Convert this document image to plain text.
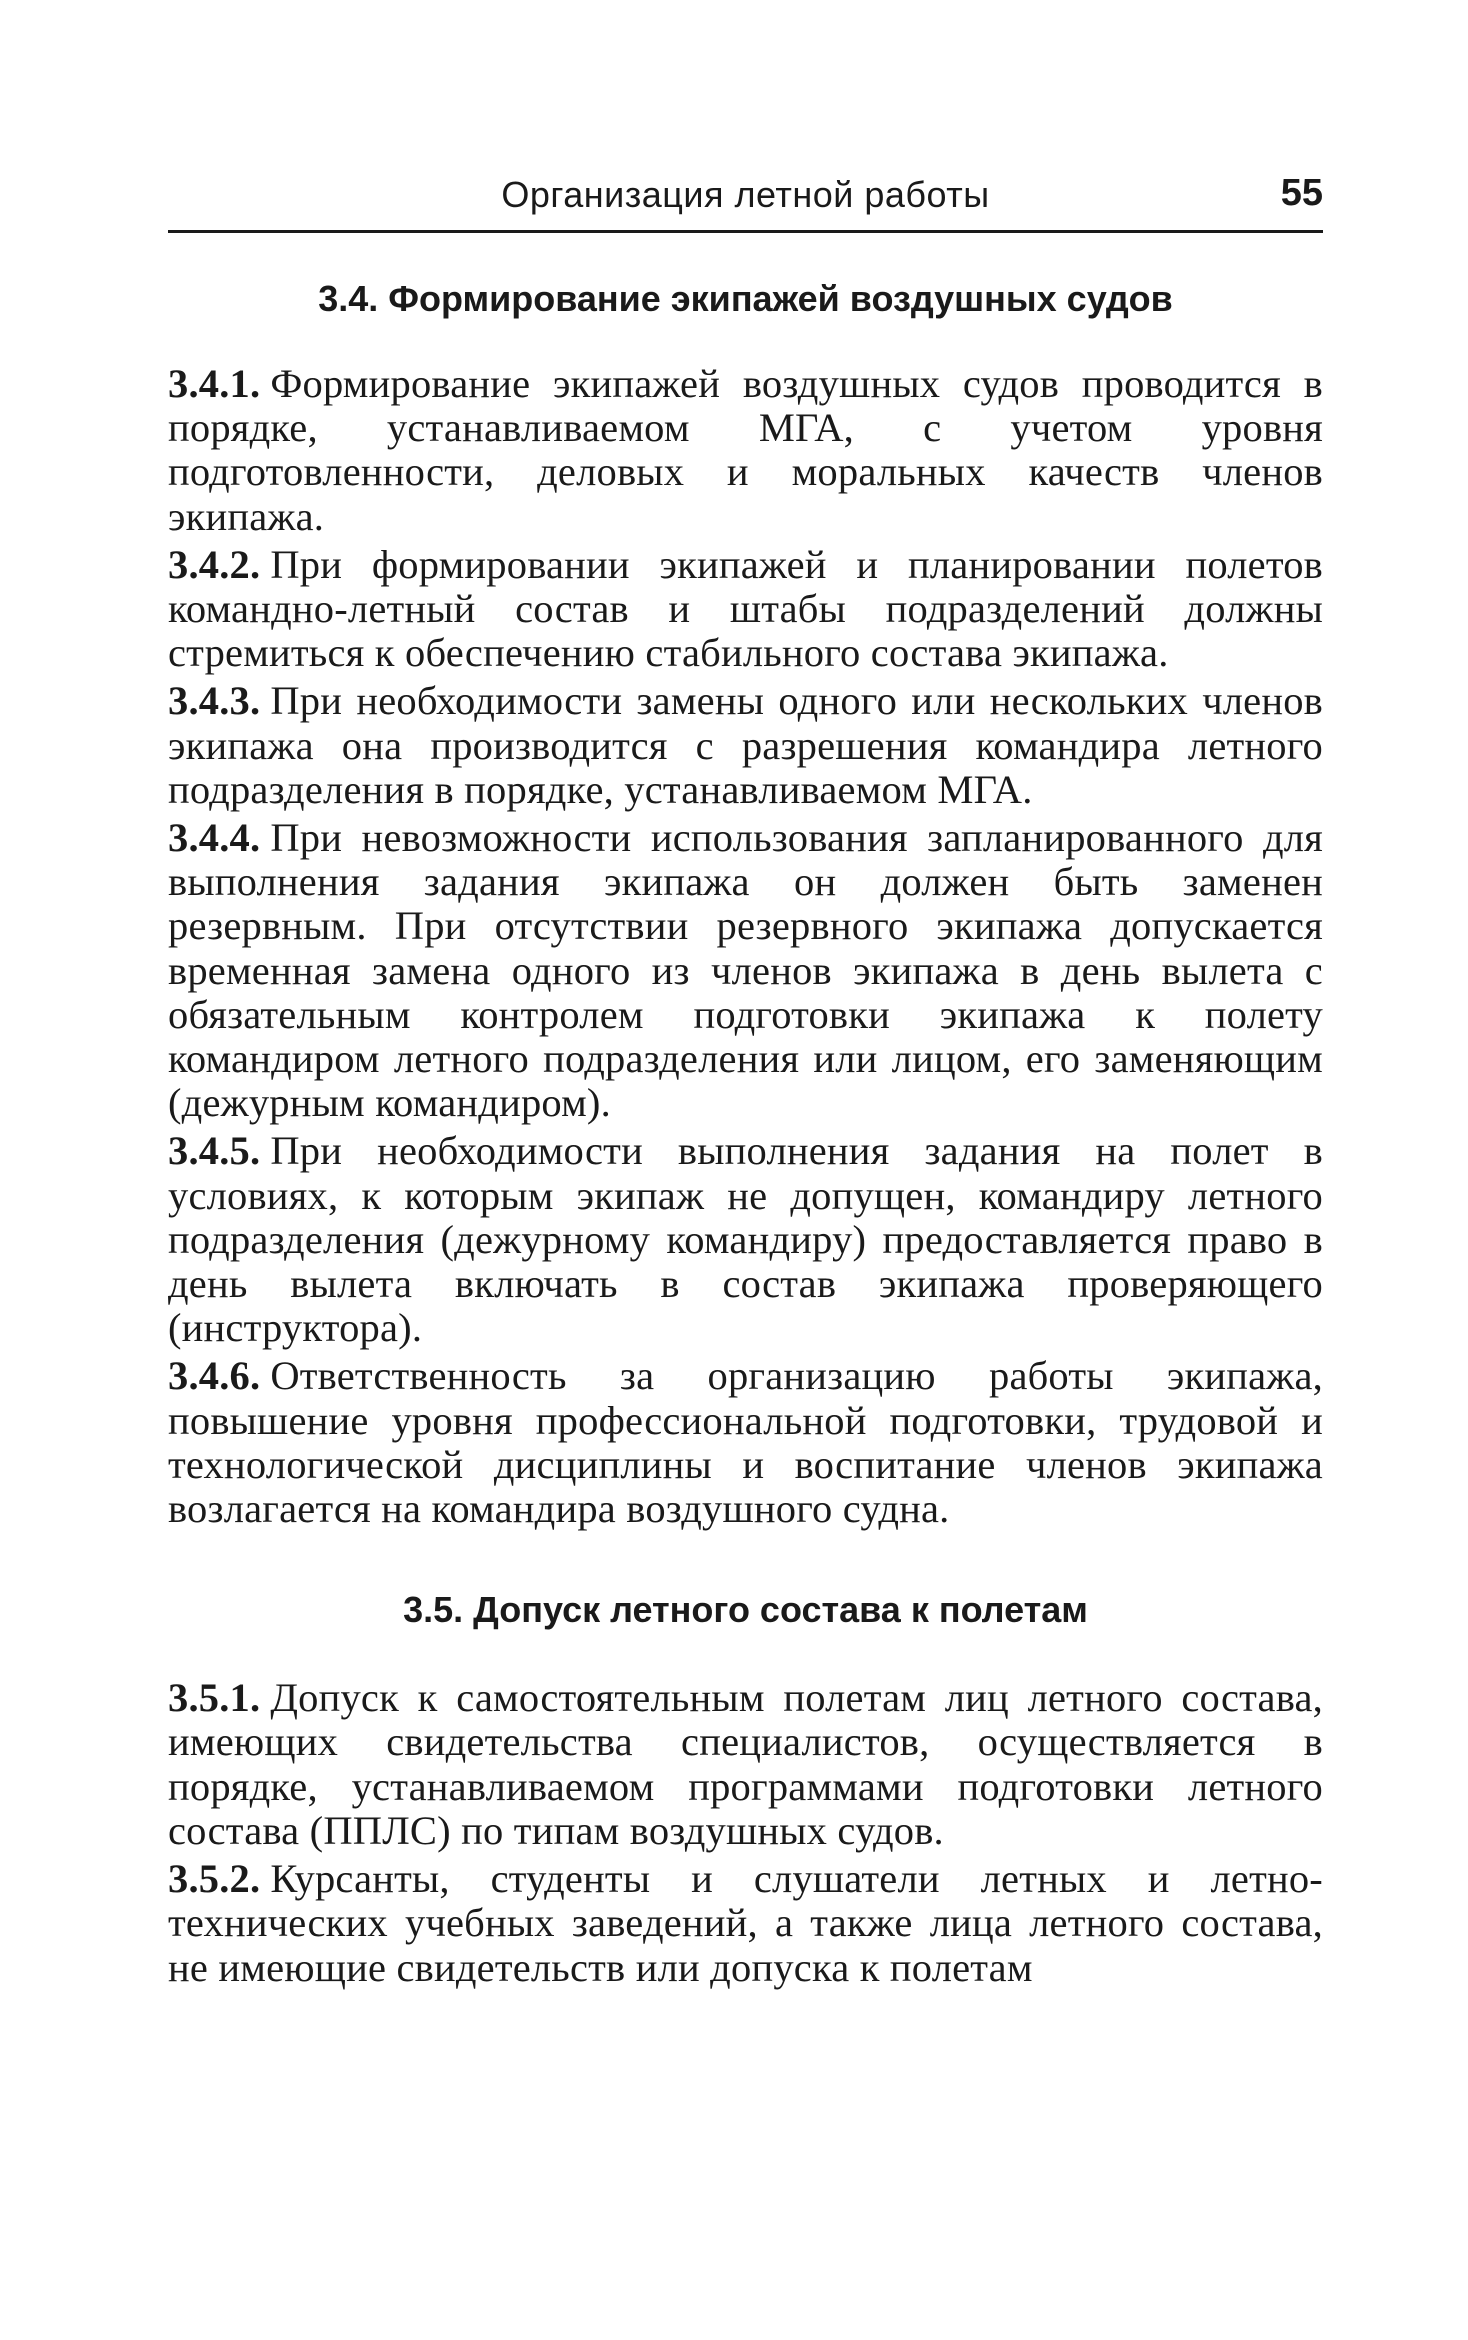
Организация летной работы	55
3.4. Формирование экипажей воздушных судов

3.4.1. Формирование экипажей воздушных судов проводится в порядке, устанавливаемом МГА, с учетом уровня подготовленности, деловых и моральных качеств членов экипажа.

3.4.2. При формировании экипажей и планировании полетов командно-летный состав и штабы подразделений должны стремиться к обеспечению стабильного состава экипажа.

3.4.3. При необходимости замены одного или нескольких членов экипажа она производится с разрешения командира летного подразделения в порядке, устанавливаемом МГА.

3.4.4. При невозможности использования запланированного для выполнения задания экипажа он должен быть заменен резервным. При отсутствии резервного экипажа допускается временная замена одного из членов экипажа в день вылета с обязательным контролем подготовки экипажа к полету командиром летного подразделения или лицом, его заменяющим (дежурным командиром).

3.4.5. При необходимости выполнения задания на полет в условиях, к которым экипаж не допущен, командиру летного подразделения (дежурному командиру) предоставляется право в день вылета включать в состав экипажа проверяющего (инструктора).

3.4.6. Ответственность за организацию работы экипажа, повышение уровня профессиональной подготовки, трудовой и технологической дисциплины и воспитание членов экипажа возлагается на командира воздушного судна.

3.5. Допуск летного состава к полетам

3.5.1. Допуск к самостоятельным полетам лиц летного состава, имеющих свидетельства специалистов, осуществляется в порядке, устанавливаемом программами подготовки летного состава (ППЛС) по типам воздушных судов.

3.5.2. Курсанты, студенты и слушатели летных и летно-технических учебных заведений, а также лица летного состава, не имеющие свидетельств или допуска к полетам
